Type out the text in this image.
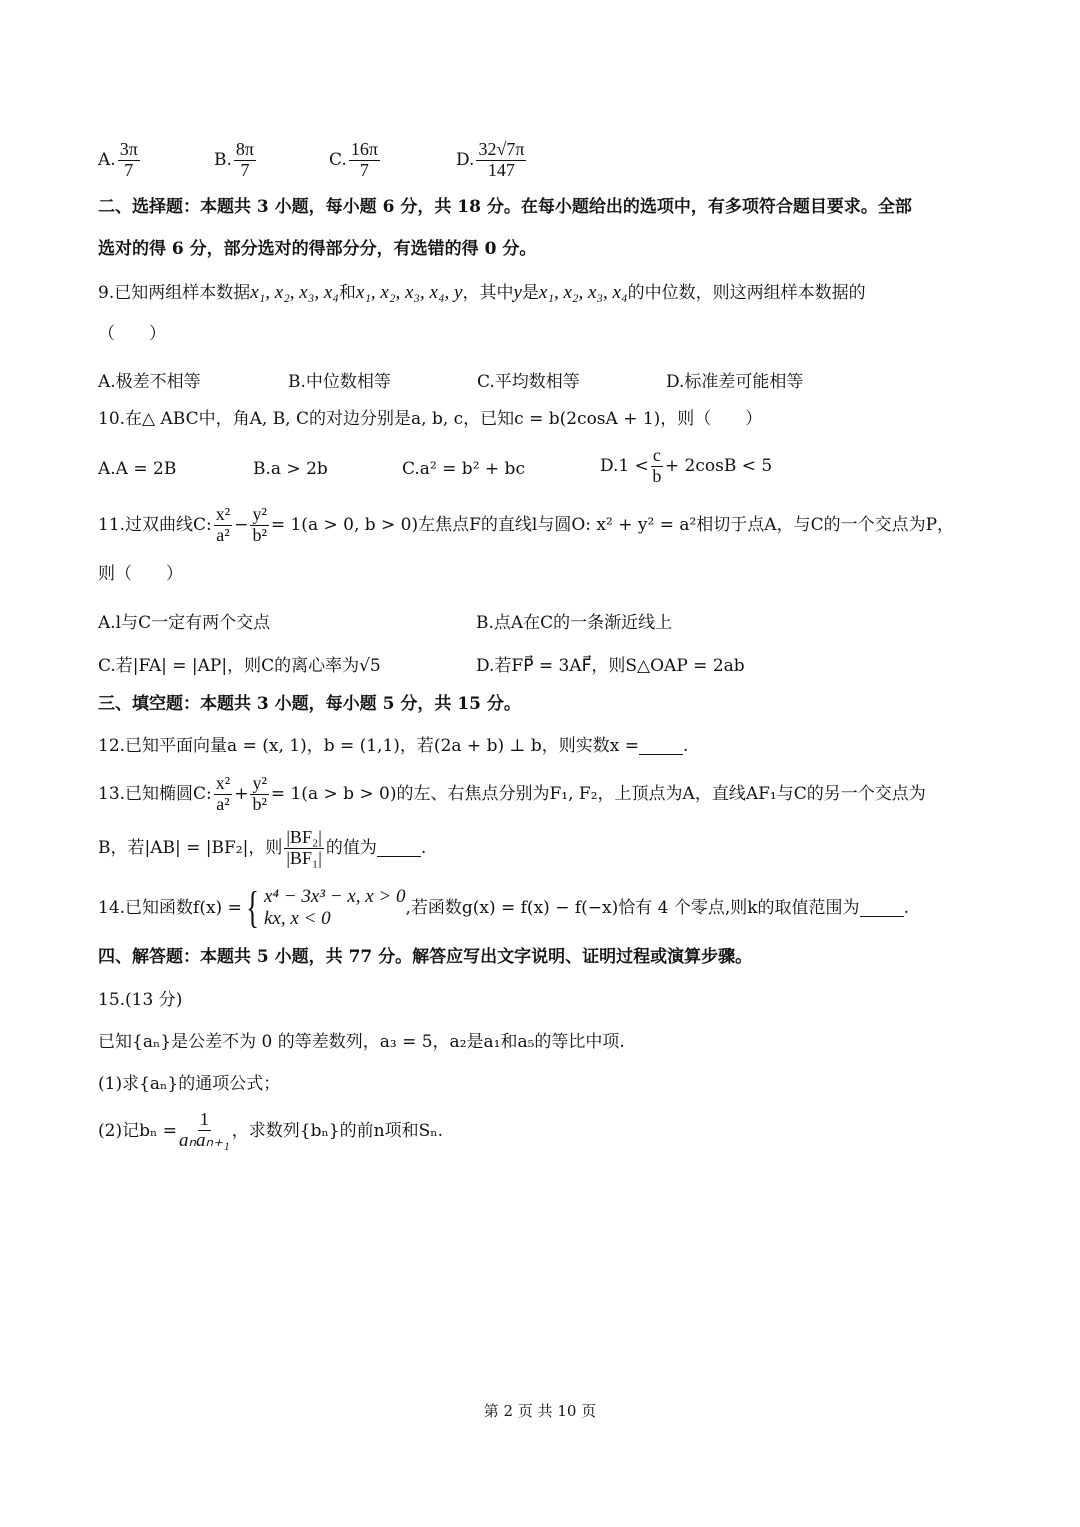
A. $\frac{3\pi}{7}$	B. $\frac{8\pi}{7}$	C. $\frac{16\pi}{7}$	D. $\frac{32√7\pi}{147}$
二、选择题： 本题共 3 小题，每小题 6 分，共 18 分。在每小题给出的选项中，有多项符合题目要求。全部
选对的得 6 分，部分选对的得部分分，有选错的得 0 分。
9.已知两组样本数据 x₁, x₂, x₃, x₄ 和 x₁, x₂, x₃, x₄, y ，其中 y 是 x₁, x₂, x₃, x₄ 的中位数，则这两组样本数据的
（　　）
A.极差不相等	B.中位数相等	C.平均数相等	D.标准差可能相等
10.在△ ABC中，角A, B, C的对边分别是a, b, c，已知c = b(2cosA + 1)，则（　　）
A.A = 2B	B.a > 2b	C.a² = b² + bc	$D.1 < \frac{c}{b} + 2\cos B < 5$
11.过双曲线C: $\frac{\text{x²}}{\text{a²}} - \frac{\text{y²}}{\text{b²}} = 1(a > 0$, b > 0)左焦点F的直线l与圆O: x² + y² = a²相切于点A，与C的一个交点为P，
则（　　）
A.l与C一定有两个交点	B.点A在C的一条渐近线上
C.若|FA| = |AP|，则C的离心率为√5	D.若FP⃗ = 3AF⃗，则S△OAP = 2ab
三、填空题： 本题共 3 小题，每小题 5 分，共 15 分。
12.已知平面向量a = (x, 1)，b = (1,1)，若(2a + b) ⊥ b，则实数x =	.
13.已知椭圆C: $\frac{\text{x²}}{\text{a²}} + \frac{\text{y²}}{\text{b²}} = 1(a > b > 0)$的左、右焦点分别为F₁, F₂，上顶点为A，直线AF₁与C的另一个交点为
B，若|AB| = |BF₂|，则 $\frac{\text{|BF₂|}}{\text{|BF₁|}}$ 的值为	.
14.已知函数f(x) = { x⁴ − 3x³ − x, x > 0
kx, x < 0
,若函数g(x) = f(x) − f(−x)恰有 4 个零点,则k的取值范围为	.
四、解答题： 本题共 5 小题，共 77 分。解答应写出文字说明、证明过程或演算步骤。
15.(13 分)
已知{aₙ}是公差不为 0 的等差数列，a₃ = 5，a₂是a₁和a₅的等比中项.
(1)求{aₙ}的通项公式；
(2)记bₙ =
1
aₙaₙ₊₁ ，求数列{bₙ}的前n项和Sₙ.
第 2 页 共 10 页
